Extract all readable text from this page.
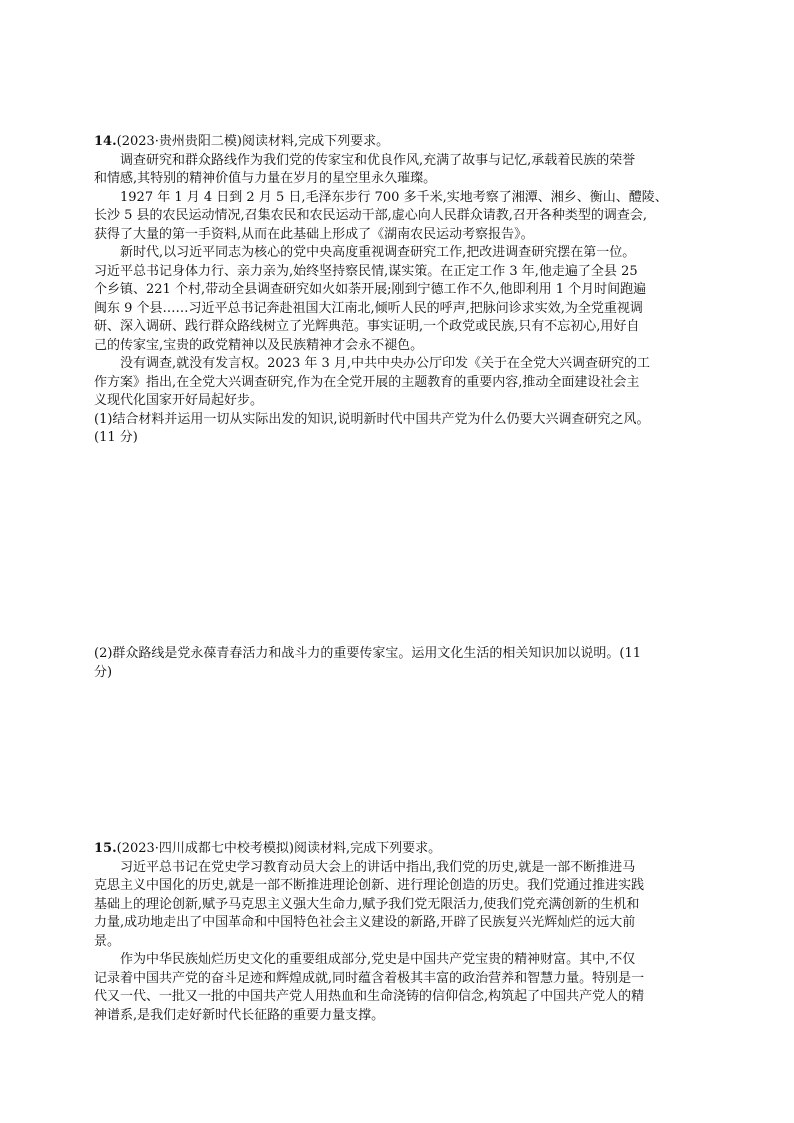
14.(2023·贵州贵阳二模)阅读材料,完成下列要求。
调查研究和群众路线作为我们党的传家宝和优良作风,充满了故事与记忆,承载着民族的荣誉
和情感,其特别的精神价值与力量在岁月的星空里永久璀璨。
1927 年 1 月 4 日到 2 月 5 日,毛泽东步行 700 多千米,实地考察了湘潭、湘乡、衡山、醴陵、
长沙 5 县的农民运动情况,召集农民和农民运动干部,虚心向人民群众请教,召开各种类型的调查会,
获得了大量的第一手资料,从而在此基础上形成了《湖南农民运动考察报告》。
新时代,以习近平同志为核心的党中央高度重视调查研究工作,把改进调查研究摆在第一位。
习近平总书记身体力行、亲力亲为,始终坚持察民情,谋实策。在正定工作 3 年,他走遍了全县 25
个乡镇、221 个村,带动全县调查研究如火如荼开展;刚到宁德工作不久,他即利用 1 个月时间跑遍
闽东 9 个县……习近平总书记奔赴祖国大江南北,倾听人民的呼声,把脉问诊求实效,为全党重视调
研、深入调研、践行群众路线树立了光辉典范。事实证明,一个政党或民族,只有不忘初心,用好自
己的传家宝,宝贵的政党精神以及民族精神才会永不褪色。
没有调查,就没有发言权。2023 年 3 月,中共中央办公厅印发《关于在全党大兴调查研究的工
作方案》指出,在全党大兴调查研究,作为在全党开展的主题教育的重要内容,推动全面建设社会主
义现代化国家开好局起好步。
(1)结合材料并运用一切从实际出发的知识,说明新时代中国共产党为什么仍要大兴调查研究之风。
(11 分)
(2)群众路线是党永葆青春活力和战斗力的重要传家宝。运用文化生活的相关知识加以说明。(11
分)
15.(2023·四川成都七中校考模拟)阅读材料,完成下列要求。
习近平总书记在党史学习教育动员大会上的讲话中指出,我们党的历史,就是一部不断推进马
克思主义中国化的历史,就是一部不断推进理论创新、进行理论创造的历史。我们党通过推进实践
基础上的理论创新,赋予马克思主义强大生命力,赋予我们党无限活力,使我们党充满创新的生机和
力量,成功地走出了中国革命和中国特色社会主义建设的新路,开辟了民族复兴光辉灿烂的远大前
景。
作为中华民族灿烂历史文化的重要组成部分,党史是中国共产党宝贵的精神财富。其中,不仅
记录着中国共产党的奋斗足迹和辉煌成就,同时蕴含着极其丰富的政治营养和智慧力量。特别是一
代又一代、一批又一批的中国共产党人用热血和生命浇铸的信仰信念,构筑起了中国共产党人的精
神谱系,是我们走好新时代长征路的重要力量支撑。
